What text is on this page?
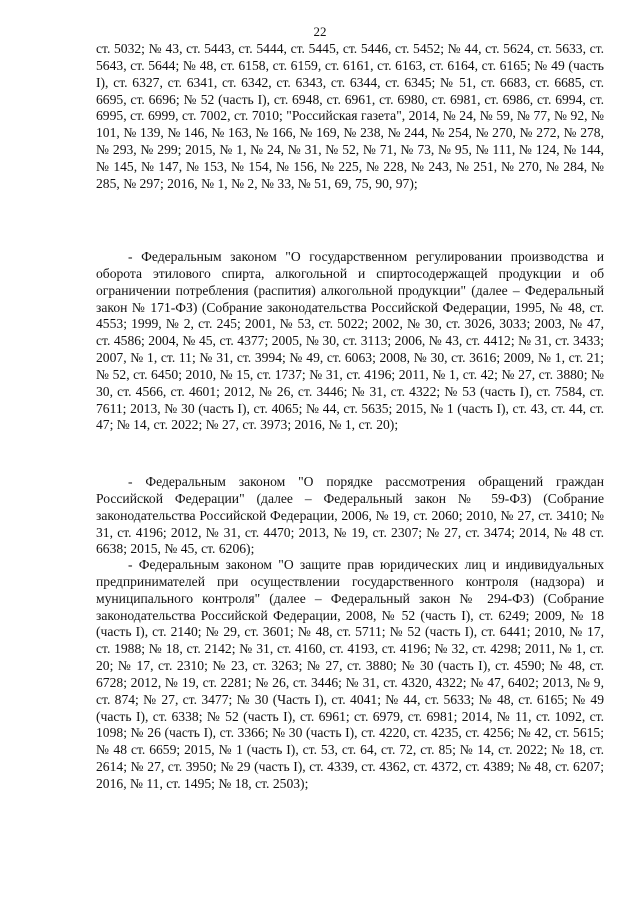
22
ст. 5032; № 43, ст. 5443, ст. 5444, ст. 5445, ст. 5446, ст. 5452; № 44, ст. 5624, ст. 5633, ст. 5643, ст. 5644; № 48, ст. 6158, ст. 6159, ст. 6161, ст. 6163, ст. 6164, ст. 6165; № 49 (часть I), ст. 6327, ст. 6341, ст. 6342, ст. 6343, ст. 6344, ст. 6345; № 51, ст. 6683, ст. 6685, ст. 6695, ст. 6696; № 52 (часть I), ст. 6948, ст. 6961, ст. 6980, ст. 6981, ст. 6986, ст. 6994, ст. 6995, ст. 6999, ст. 7002, ст. 7010; "Российская газета", 2014, № 24, № 59, № 77, № 92, № 101, № 139, № 146, № 163, № 166, № 169, № 238, № 244, № 254, № 270, № 272, № 278, № 293, № 299; 2015, № 1, № 24, № 31, № 52, № 71, № 73, № 95, № 111, № 124, № 144, № 145, № 147, № 153, № 154, № 156, № 225, № 228, № 243, № 251, № 270, № 284, № 285, № 297; 2016, № 1, № 2, № 33, № 51, 69, 75, 90, 97);
- Федеральным законом "О государственном регулировании производства и оборота этилового спирта, алкогольной и спиртосодержащей продукции и об ограничении потребления (распития) алкогольной продукции" (далее – Федеральный закон № 171-ФЗ) (Собрание законодательства Российской Федерации, 1995, № 48, ст. 4553; 1999, № 2, ст. 245; 2001, № 53, ст. 5022; 2002, № 30, ст. 3026, 3033; 2003, № 47, ст. 4586; 2004, № 45, ст. 4377; 2005, № 30, ст. 3113; 2006, № 43, ст. 4412; № 31, ст. 3433; 2007, № 1, ст. 11; № 31, ст. 3994; № 49, ст. 6063; 2008, № 30, ст. 3616; 2009, № 1, ст. 21; № 52, ст. 6450; 2010, № 15, ст. 1737; № 31, ст. 4196; 2011, № 1, ст. 42; № 27, ст. 3880; № 30, ст. 4566, ст. 4601; 2012, № 26, ст. 3446; № 31, ст. 4322; № 53 (часть I), ст. 7584, ст. 7611; 2013, № 30 (часть I), ст. 4065; № 44, ст. 5635; 2015, № 1 (часть I), ст. 43, ст. 44, ст. 47; № 14, ст. 2022; № 27, ст. 3973; 2016, № 1, ст. 20);
- Федеральным законом "О порядке рассмотрения обращений граждан Российской Федерации" (далее – Федеральный закон № 59-ФЗ) (Собрание законодательства Российской Федерации, 2006, № 19, ст. 2060; 2010, № 27, ст. 3410; № 31, ст. 4196; 2012, № 31, ст. 4470; 2013, № 19, ст. 2307; № 27, ст. 3474; 2014, № 48 ст. 6638; 2015, № 45, ст. 6206);
- Федеральным законом "О защите прав юридических лиц и индивидуальных предпринимателей при осуществлении государственного контроля (надзора) и муниципального контроля" (далее – Федеральный закон № 294-ФЗ) (Собрание законодательства Российской Федерации, 2008, № 52 (часть I), ст. 6249; 2009, № 18 (часть I), ст. 2140; № 29, ст. 3601; № 48, ст. 5711; № 52 (часть I), ст. 6441; 2010, № 17, ст. 1988; № 18, ст. 2142; № 31, ст. 4160, ст. 4193, ст. 4196; № 32, ст. 4298; 2011, № 1, ст. 20; № 17, ст. 2310; № 23, ст. 3263; № 27, ст. 3880; № 30 (часть I), ст. 4590; № 48, ст. 6728; 2012, № 19, ст. 2281; № 26, ст. 3446; № 31, ст. 4320, 4322; № 47, 6402; 2013, № 9, ст. 874; № 27, ст. 3477; № 30 (Часть I), ст. 4041; № 44, ст. 5633; № 48, ст. 6165; № 49 (часть I), ст. 6338; № 52 (часть I), ст. 6961; ст. 6979, ст. 6981; 2014, № 11, ст. 1092, ст. 1098; № 26 (часть I), ст. 3366; № 30 (часть I), ст. 4220, ст. 4235, ст. 4256; № 42, ст. 5615; № 48 ст. 6659; 2015, № 1 (часть I), ст. 53, ст. 64, ст. 72, ст. 85; № 14, ст. 2022; № 18, ст. 2614; № 27, ст. 3950; № 29 (часть I), ст. 4339, ст. 4362, ст. 4372, ст. 4389; № 48, ст. 6207; 2016, № 11, ст. 1495; № 18, ст. 2503);
